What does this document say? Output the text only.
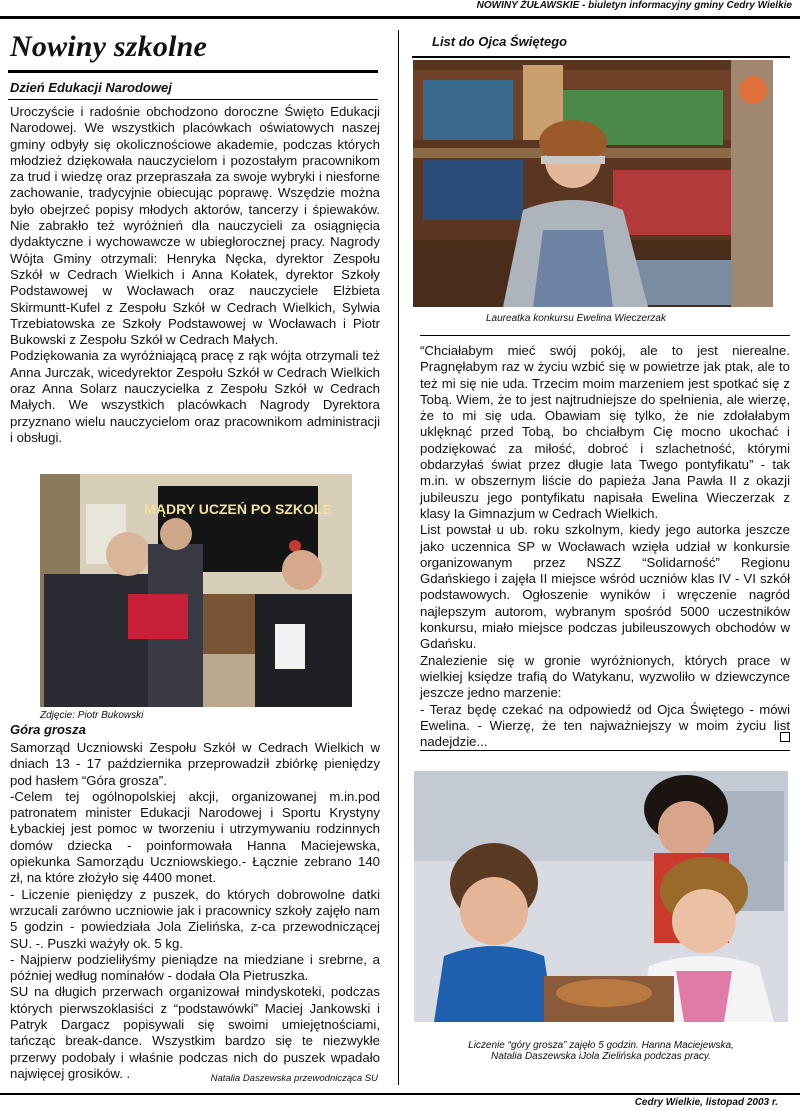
NOWINY ŻUŁAWSKIE - biuletyn informacyjny gminy Cedry Wielkie
Nowiny szkolne
Dzień Edukacji Narodowej

Uroczyście i radośnie obchodzono doroczne Święto Edukacji Narodowej. We wszystkich placówkach oświatowych naszej gminy odbyły się okolicznościowe akademie, podczas których młodzież dziękowała nauczycielom i pozostałym pracownikom za trud i wiedzę oraz przepraszała za swoje wybryki i niesforne zachowanie, tradycyjnie obiecując poprawę. Wszędzie można było obejrzeć popisy młodych aktorów, tancerzy i śpiewaków. Nie zabrakło też wyróżnień dla nauczycieli za osiągnięcia dydaktyczne i wychowawcze w ubiegłorocznej pracy. Nagrody Wójta Gminy otrzymali: Henryka Nęcka, dyrektor Zespołu Szkół w Cedrach Wielkich i Anna Kołatek, dyrektor Szkoły Podstawowej w Wocławach oraz nauczyciele Elżbieta Skirmuntt-Kufel z Zespołu Szkół w Cedrach Wielkich, Sylwia Trzebiatowska ze Szkoły Podstawowej w Wocławach i Piotr Bukowski z Zespołu Szkół w Cedrach Małych.

Podziękowania za wyróżniającą pracę z rąk wójta otrzymali też Anna Jurczak, wicedyrektor Zespołu Szkół w Cedrach Wielkich oraz Anna Solarz nauczycielka z Zespołu Szkół w Cedrach Małych. We wszystkich placówkach Nagrody Dyrektora przyznano wielu nauczycielom oraz pracownikom administracji i obsługi.

MĄDRY UCZEŃ PO SZKOLE
Zdjęcie: Piotr Bukowski
Góra grosza

Samorząd Uczniowski Zespołu Szkół w Cedrach Wielkich w dniach 13 - 17 października przeprowadził zbiórkę pieniędzy pod hasłem “Góra grosza”.

-Celem tej ogólnopolskiej akcji, organizowanej m.in.pod patronatem minister Edukacji Narodowej i Sportu Krystyny Łybackiej jest pomoc w tworzeniu i utrzymywaniu rodzinnych domów dziecka - poinformowała Hanna Maciejewska, opiekunka Samorządu Uczniowskiego.- Łącznie zebrano 140 zł, na które złożyło się 4400 monet.

- Liczenie pieniędzy z puszek, do których dobrowolne datki wrzucali zarówno uczniowie jak i pracownicy szkoły zajęło nam 5 godzin - powiedziała Jola Zielińska, z-ca przewodniczącej SU. -. Puszki ważyły ok. 5 kg.

- Najpierw podzieliłyśmy pieniądze na miedziane i srebrne, a później według nominałów - dodała Ola Pietruszka.

SU na długich przerwach organizował mindyskoteki, podczas których pierwszoklasiści z “podstawówki” Maciej Jankowski i Patryk Dargacz popisywali się swoimi umiejętnościami, tańcząc break-dance. Wszystkim bardzo się te niezwykłe przerwy podobały i właśnie podczas nich do puszek wpadało najwięcej grosików. .	Natalia Daszewska przewodnicząca SU
List do Ojca Świętego
Laureatka konkursu Ewelina Wieczerzak

“Chciałabym mieć swój pokój, ale to jest nierealne. Pragnęłabym raz w życiu wzbić się w powietrze jak ptak, ale to też mi się nie uda. Trzecim moim marzeniem jest spotkać się z Tobą. Wiem, że to jest najtrudniejsze do spełnienia, ale wierzę, że to mi się uda. Obawiam się tylko, że nie zdołałabym uklęknąć przed Tobą, bo chciałbym Cię mocno ukochać i podziękować za miłość, dobroć i szlachetność, którymi obdarzyłaś świat przez długie lata Twego pontyfikatu” - tak m.in. w obszernym liście do papieża Jana Pawła II z okazji jubileuszu jego pontyfikatu napisała Ewelina Wieczerzak z klasy Ia Gimnazjum w Cedrach Wielkich.

List powstał u ub. roku szkolnym, kiedy jego autorka jeszcze jako uczennica SP w Wocławach wzięła udział w konkursie organizowanym przez NSZZ “Solidarność” Regionu Gdańskiego i zajęła II miejsce wśród uczniów klas IV - VI szkół podstawowych. Ogłoszenie wyników i wręczenie nagród najlepszym autorom, wybranym spośród 5000 uczestników konkursu, miało miejsce podczas jubileuszowych obchodów w Gdańsku.

Znalezienie się w gronie wyróżnionych, których prace w wielkiej księdze trafią do Watykanu, wyzwoliło w dziewczynce jeszcze jedno marzenie:

- Teraz będę czekać na odpowiedź od Ojca Świętego - mówi Ewelina. - Wierzę, że ten najważniejszy w moim życiu list nadejdzie...

Liczenie “góry grosza” zajęło 5 godzin. Hanna Maciejewska,
Natalia Daszewska iJola Zielińska podczas pracy.
Cedry Wielkie, listopad 2003 r.
